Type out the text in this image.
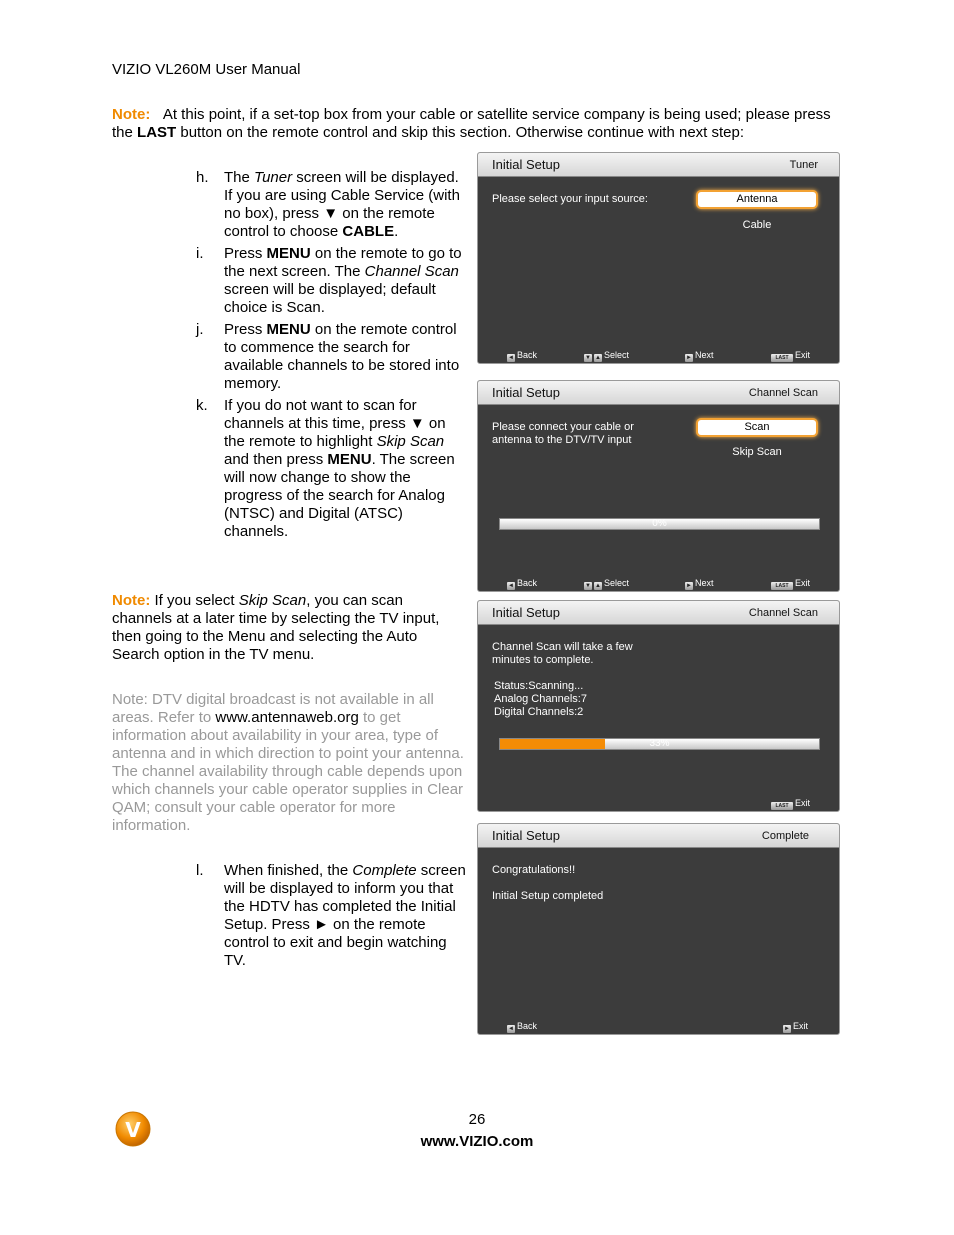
VIZIO VL260M User Manual
Note: At this point, if a set-top box from your cable or satellite service company is being used; please press the LAST button on the remote control and skip this section. Otherwise continue with next step:
h. The Tuner screen will be displayed. If you are using Cable Service (with no box), press ▼ on the remote control to choose CABLE.
i. Press MENU on the remote to go to the next screen. The Channel Scan screen will be displayed; default choice is Scan.
j. Press MENU on the remote control to commence the search for available channels to be stored into memory.
k. If you do not want to scan for channels at this time, press ▼ on the remote to highlight Skip Scan and then press MENU. The screen will now change to show the progress of the search for Analog (NTSC) and Digital (ATSC) channels.
Note: If you select Skip Scan, you can scan channels at a later time by selecting the TV input, then going to the Menu and selecting the Auto Search option in the TV menu.
Note: DTV digital broadcast is not available in all areas. Refer to www.antennaweb.org to get information about availability in your area, type of antenna and in which direction to point your antenna. The channel availability through cable depends upon which channels your cable operator supplies in Clear QAM; consult your cable operator for more information.
l. When finished, the Complete screen will be displayed to inform you that the HDTV has completed the Initial Setup. Press ► on the remote control to exit and begin watching TV.
Initial Setup	Tuner
Please select your input source:	Antenna
Cable
◄ Back	▼ ▲ Select	► Next	LAST Exit
Initial Setup	Channel Scan
Please connect your cable or
antenna to the DTV/TV input
Scan
Skip Scan
0%
◄ Back	▼ ▲ Select	► Next	LAST Exit
Initial Setup	Channel Scan
Channel Scan will take a few
minutes to complete.
Status:Scanning...
Analog Channels:7
Digital Channels:2
33%
LAST Exit
Initial Setup	Complete
Congratulations!!
Initial Setup completed
◄ Back	► Exit
V	26
www.VIZIO.com
